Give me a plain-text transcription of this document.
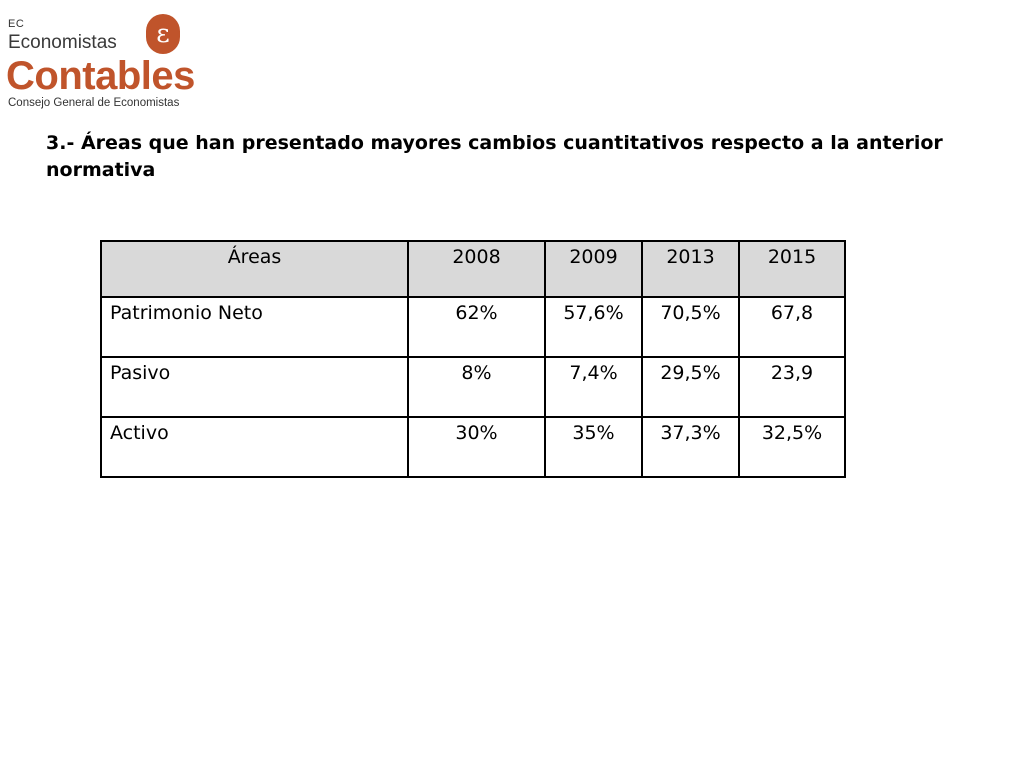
EC
Economistas	ε
Contables
Consejo General de Economistas
3.- Áreas que han presentado mayores cambios cuantitativos respecto a la anterior normativa
Áreas	2008	2009	2013	2015
Patrimonio Neto	62%	57,6%	70,5%	67,8
Pasivo	8%	7,4%	29,5%	23,9
Activo	30%	35%	37,3%	32,5%
